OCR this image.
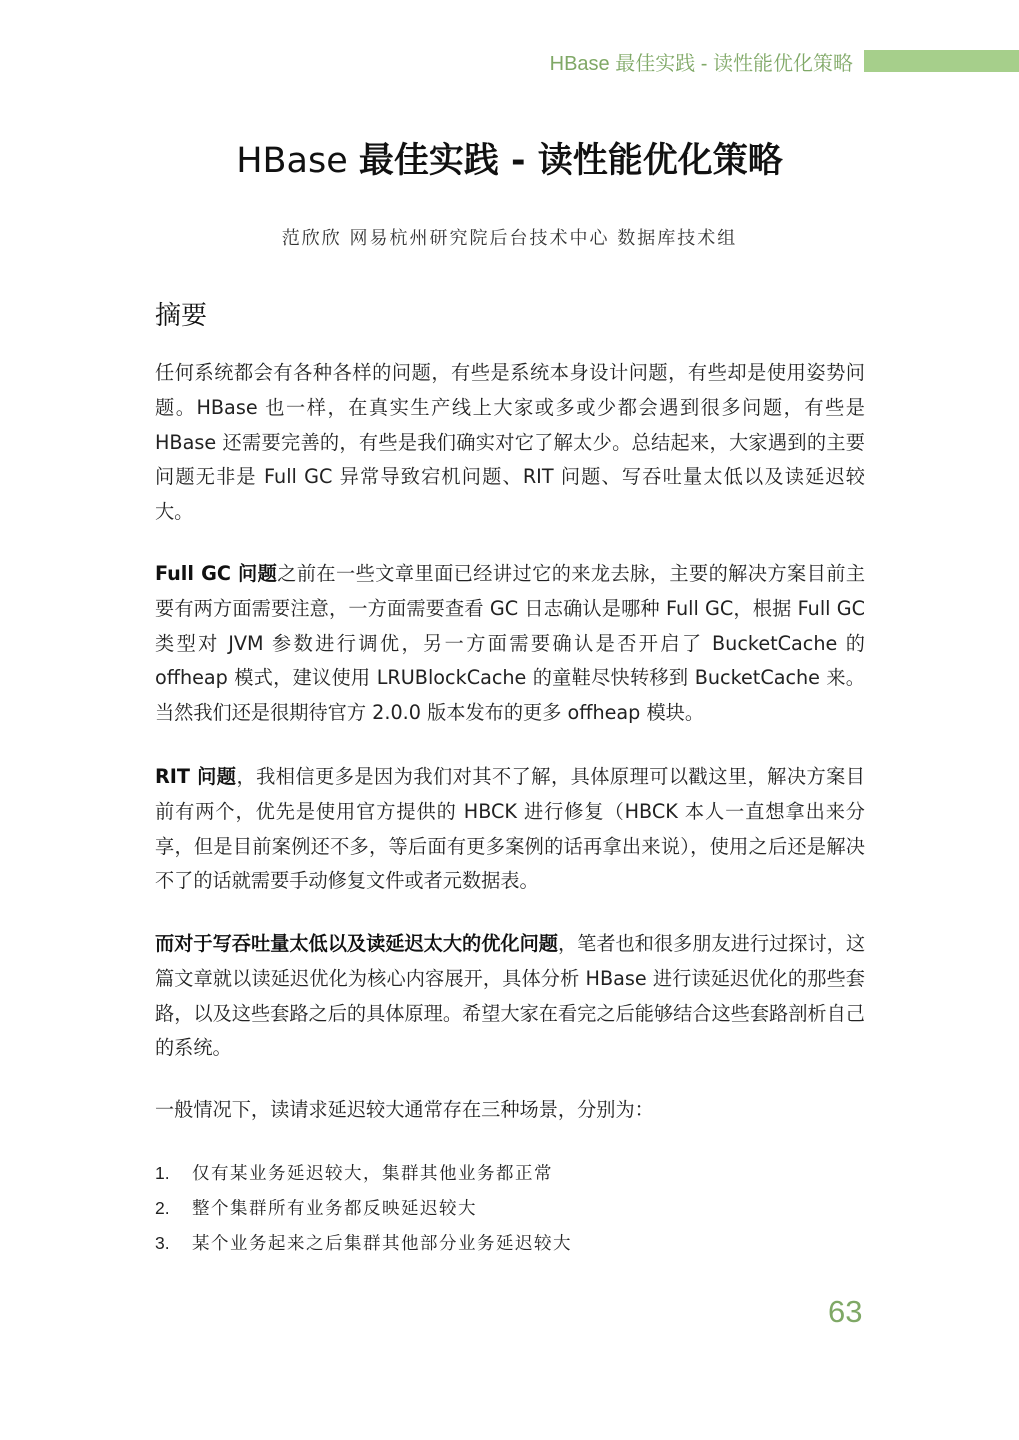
HBase 最佳实践 - 读性能优化策略
HBase 最佳实践 - 读性能优化策略
范欣欣 网易杭州研究院后台技术中心 数据库技术组
摘要
任何系统都会有各种各样的问题，有些是系统本身设计问题，有些却是使用姿势问题。HBase 也一样，在真实生产线上大家或多或少都会遇到很多问题，有些是 HBase 还需要完善的，有些是我们确实对它了解太少。总结起来，大家遇到的主要问题无非是 Full GC 异常导致宕机问题、RIT 问题、写吞吐量太低以及读延迟较大。
Full GC 问题之前在一些文章里面已经讲过它的来龙去脉，主要的解决方案目前主要有两方面需要注意，一方面需要查看 GC 日志确认是哪种 Full GC，根据 Full GC 类型对 JVM 参数进行调优，另一方面需要确认是否开启了 BucketCache 的 offheap 模式，建议使用 LRUBlockCache 的童鞋尽快转移到 BucketCache 来。当然我们还是很期待官方 2.0.0 版本发布的更多 offheap 模块。
RIT 问题，我相信更多是因为我们对其不了解，具体原理可以戳这里，解决方案目前有两个，优先是使用官方提供的 HBCK 进行修复（HBCK 本人一直想拿出来分享，但是目前案例还不多，等后面有更多案例的话再拿出来说），使用之后还是解决不了的话就需要手动修复文件或者元数据表。
而对于写吞吐量太低以及读延迟太大的优化问题，笔者也和很多朋友进行过探讨，这篇文章就以读延迟优化为核心内容展开，具体分析 HBase 进行读延迟优化的那些套路，以及这些套路之后的具体原理。希望大家在看完之后能够结合这些套路剖析自己的系统。
一般情况下，读请求延迟较大通常存在三种场景，分别为：
1. 仅有某业务延迟较大，集群其他业务都正常
2. 整个集群所有业务都反映延迟较大
3. 某个业务起来之后集群其他部分业务延迟较大
63
